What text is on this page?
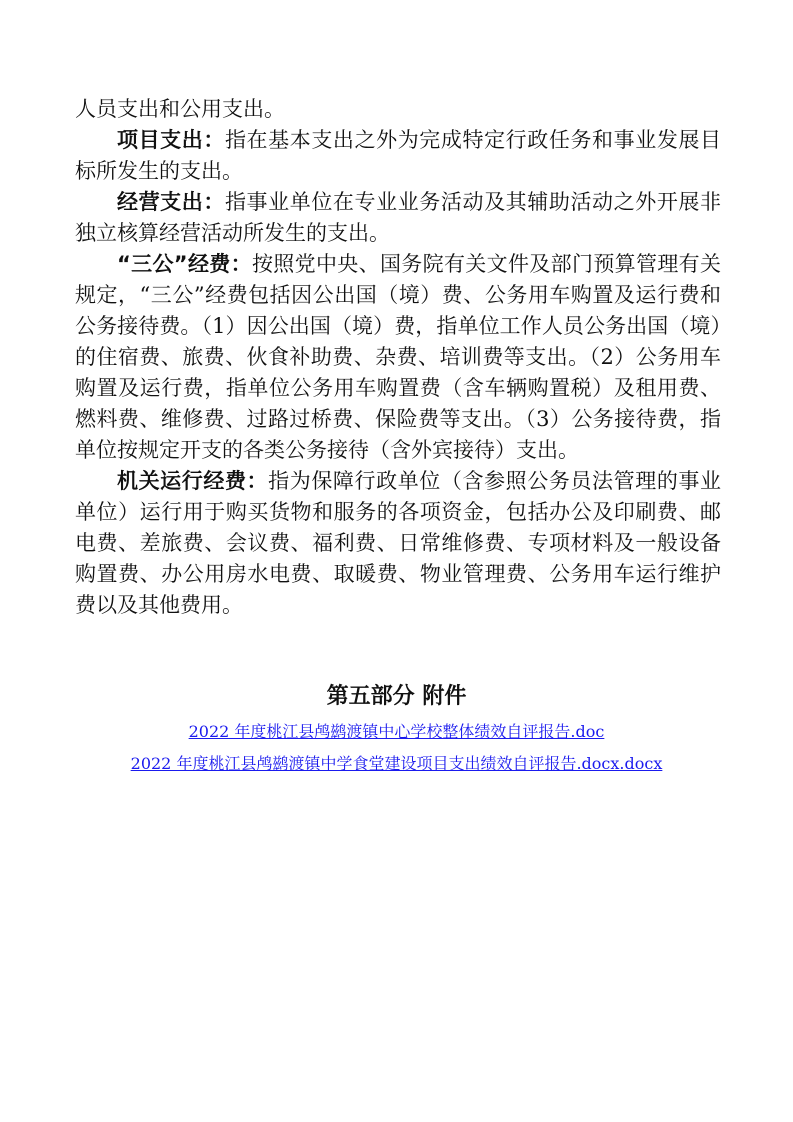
人员支出和公用支出。

项目支出：指在基本支出之外为完成特定行政任务和事业发展目标所发生的支出。

经营支出：指事业单位在专业业务活动及其辅助活动之外开展非独立核算经营活动所发生的支出。

“三公”经费：按照党中央、国务院有关文件及部门预算管理有关规定，“三公”经费包括因公出国（境）费、公务用车购置及运行费和公务接待费。（1）因公出国（境）费，指单位工作人员公务出国（境）的住宿费、旅费、伙食补助费、杂费、培训费等支出。（2）公务用车购置及运行费，指单位公务用车购置费（含车辆购置税）及租用费、燃料费、维修费、过路过桥费、保险费等支出。（3）公务接待费，指单位按规定开支的各类公务接待（含外宾接待）支出。

机关运行经费：指为保障行政单位（含参照公务员法管理的事业单位）运行用于购买货物和服务的各项资金，包括办公及印刷费、邮电费、差旅费、会议费、福利费、日常维修费、专项材料及一般设备购置费、办公用房水电费、取暖费、物业管理费、公务用车运行维护费以及其他费用。

第五部分 附件
2022 年度桃江县鸬鹚渡镇中心学校整体绩效自评报告.doc
2022 年度桃江县鸬鹚渡镇中学食堂建设项目支出绩效自评报告.docx.docx
